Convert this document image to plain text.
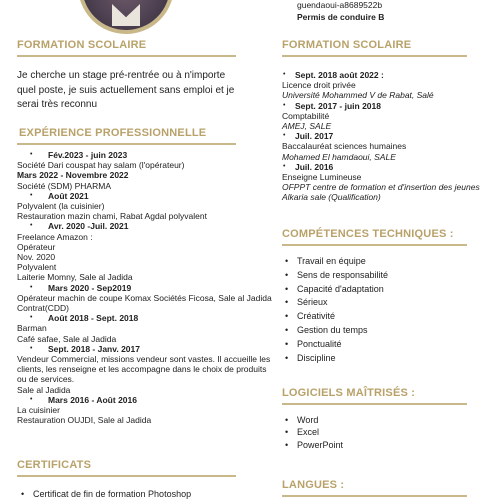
guendaoui-a8689522b
Permis de conduire B
FORMATION SCOLAIRE
Je cherche un stage pré-rentrée ou à n'importe quel poste, je suis actuellement sans emploi et je serai très reconnu
EXPÉRIENCE PROFESSIONNELLE
• Fév.2023 - juin 2023
Société Dari couspat hay salam (l'opérateur)
Mars 2022 - Novembre 2022
Société (SDM) PHARMA
• Août 2021
Polyvalent (la cuisinier)
Restauration mazin chami, Rabat Agdal polyvalent
• Avr. 2020 -Juil. 2021
Freelance Amazon :
Opérateur
Nov. 2020
Polyvalent
Laiterie Momny, Sale al Jadida
• Mars 2020 - Sep2019
Opérateur machin de coupe Komax Sociétés Ficosa, Sale al Jadida
Contrat(CDD)
• Août 2018 - Sept. 2018
Barman
Café safae, Sale al Jadida
• Sept. 2018 - Janv. 2017
Vendeur Commercial, missions vendeur sont vastes. Il accueille les
clients, les renseigne et les accompagne dans le choix de produits
ou de services.
Sale al Jadida
• Mars 2016 - Août 2016
La cuisinier
Restauration OUJDI, Sale al Jadida
CERTIFICATS
• Certificat de fin de formation Photoshop
FORMATION SCOLAIRE
• Sept. 2018 août 2022 :
Licence droit privée
Université Mohammed V de Rabat, Salé
• Sept. 2017 - juin 2018
Comptabilité
AMEJ, SALE
• Juil. 2017
Baccalauréat sciences humaines
Mohamed El hamdaoui, SALE
• Juil. 2016
Enseigne Lumineuse
OFPPT centre de formation et d'insertion des jeunes
Alkaria sale (Qualification)
COMPÉTENCES TECHNIQUES :
• Travail en équipe
• Sens de responsabilité
• Capacité d'adaptation
• Sérieux
• Créativité
• Gestion du temps
• Ponctualité
• Discipline
LOGICIELS MAÎTRISÉS :
• Word
• Excel
• PowerPoint
LANGUES :
